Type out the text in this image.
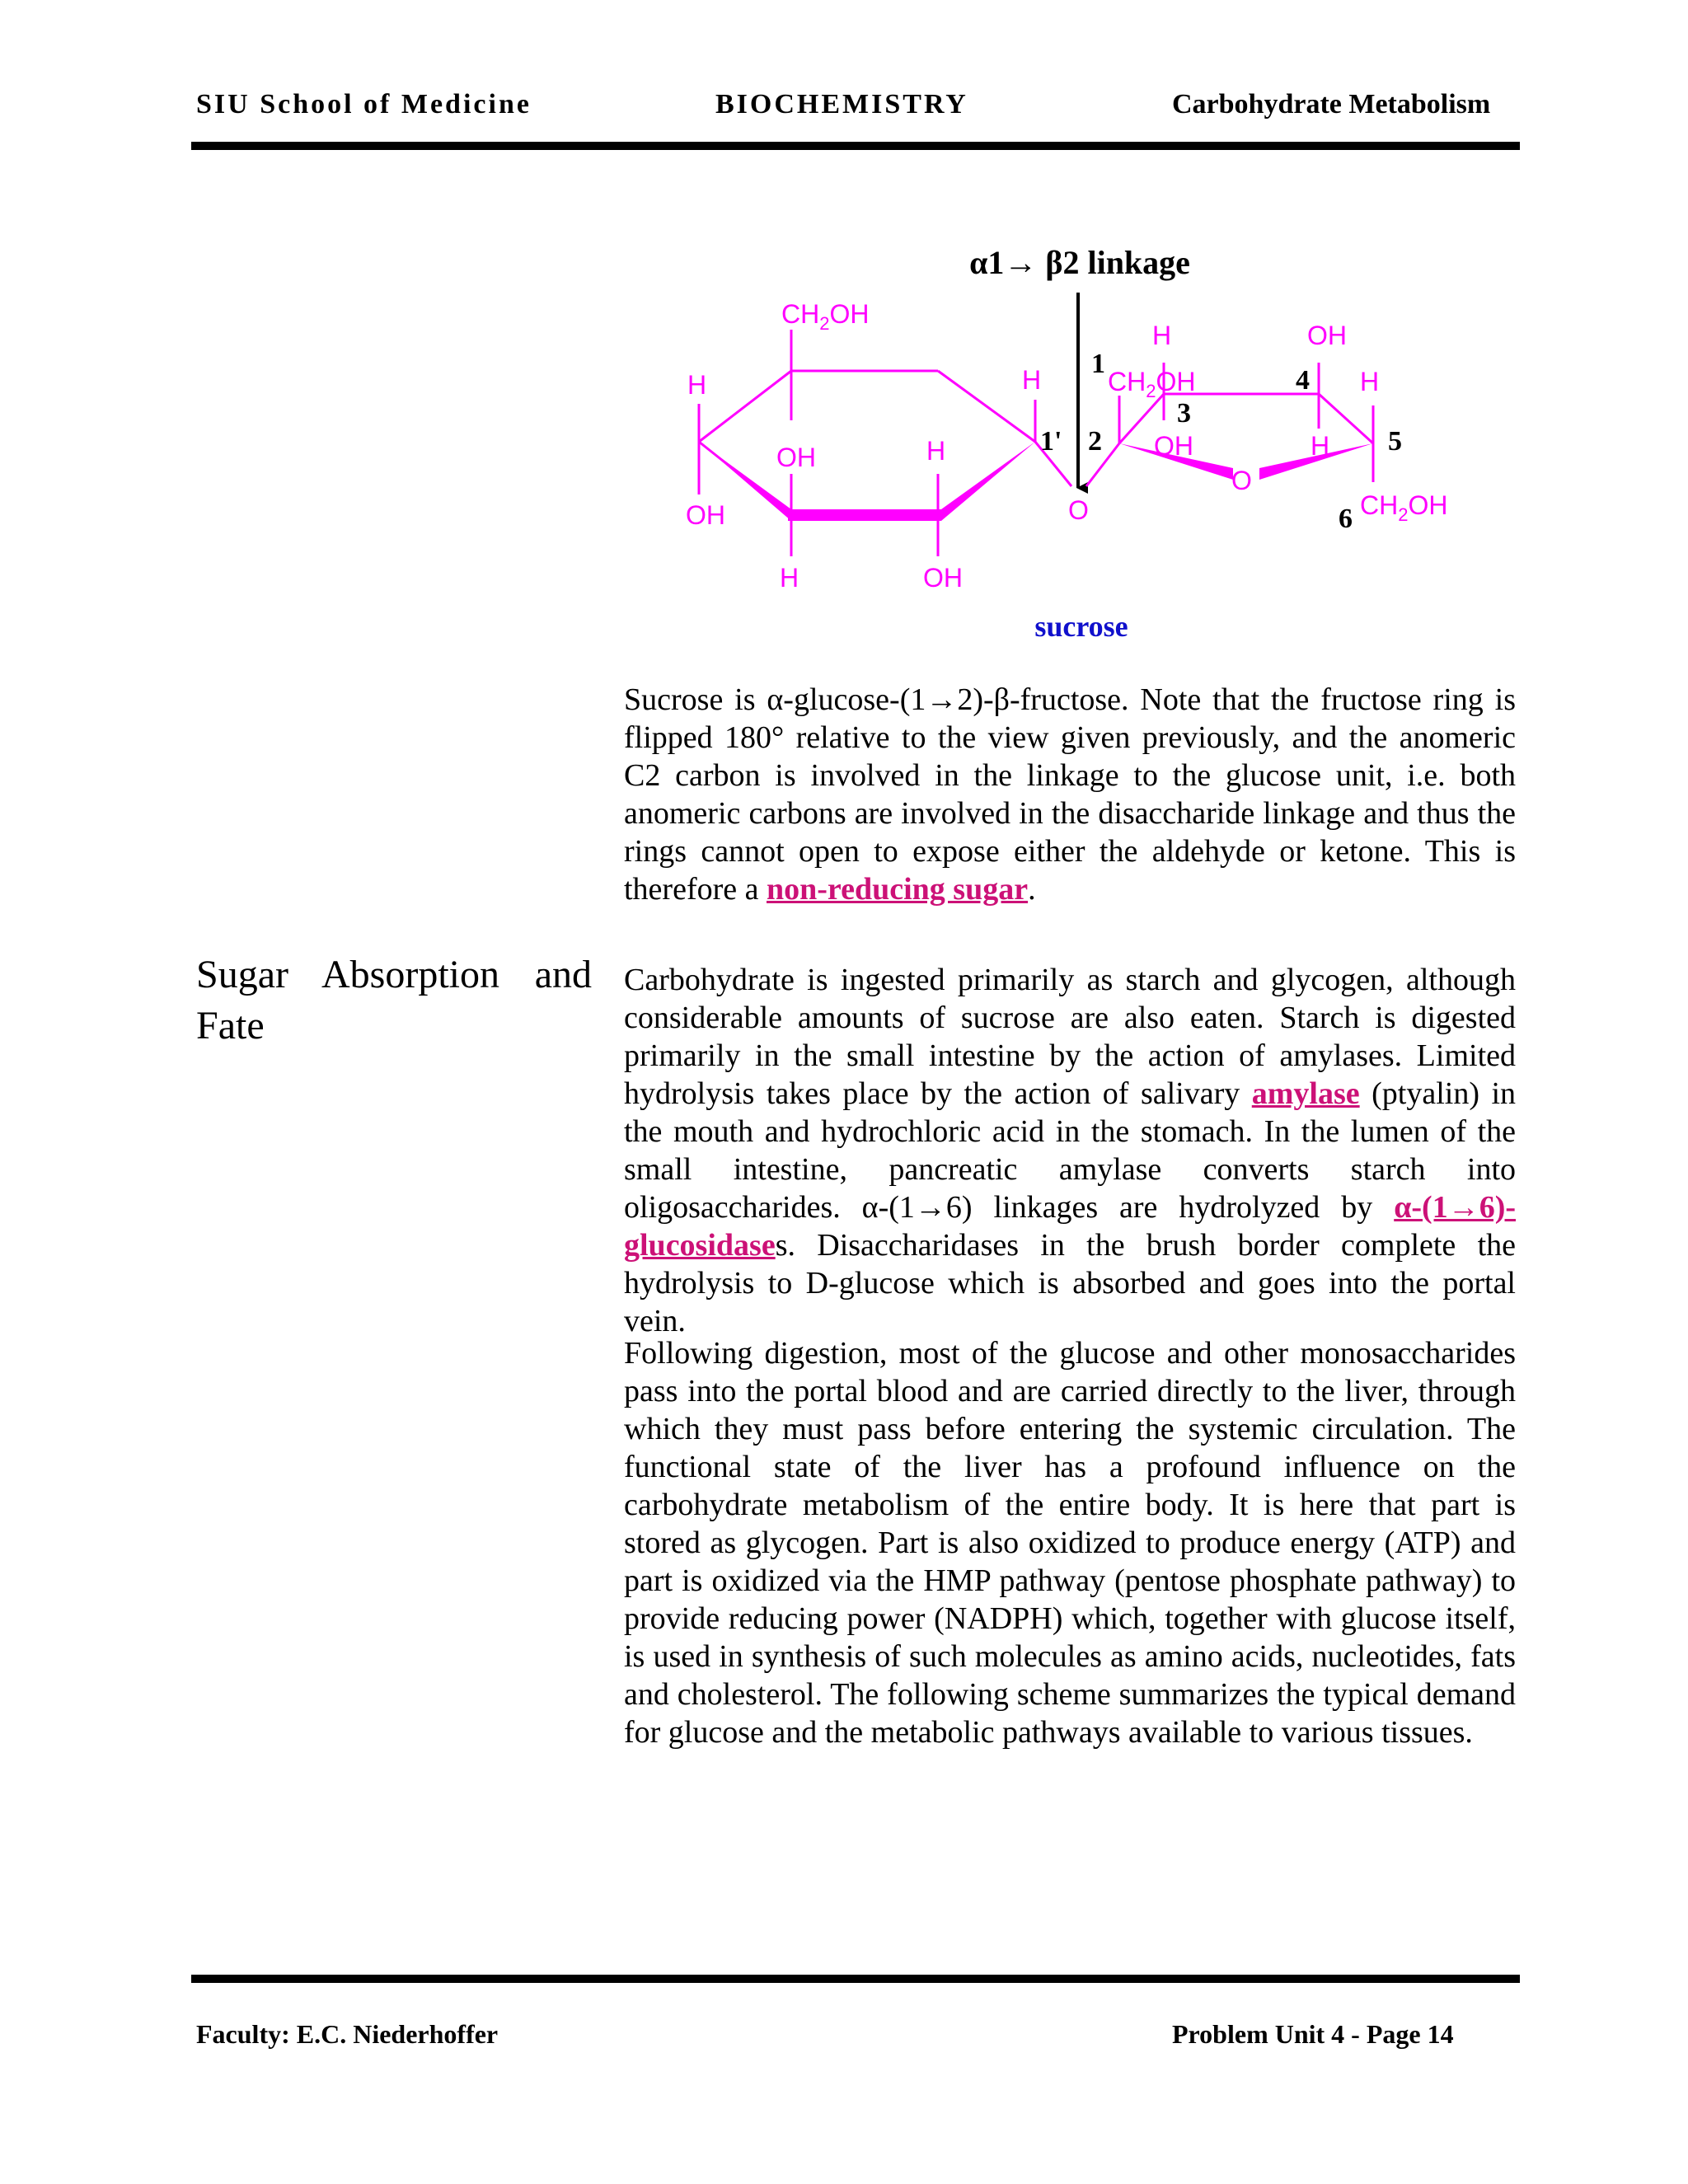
SIU School of Medicine	BIOCHEMISTRY	Carbohydrate Metabolism
α1→ β2 linkage
$CH_2OH$
H
OH
OH
H
H
OH
H
O
$CH_2OH$
H
OH
OH
H
H
O
$CH_2OH$
1
1' 2
3
4
5
6
sucrose

Sucrose is α-glucose-(1→2)-β-fructose. Note that the fructose ring is flipped 180° relative to the view given previously, and the anomeric C2 carbon is involved in the linkage to the glucose unit, i.e. both anomeric carbons are involved in the disaccharide linkage and thus the rings cannot open to expose either the aldehyde or ketone. This is therefore a non-reducing sugar.

Sugar Absorption and Fate

Carbohydrate is ingested primarily as starch and glycogen, although considerable amounts of sucrose are also eaten. Starch is digested primarily in the small intestine by the action of amylases. Limited hydrolysis takes place by the action of salivary amylase (ptyalin) in the mouth and hydrochloric acid in the stomach. In the lumen of the small intestine, pancreatic amylase converts starch into oligosaccharides. α-(1→6) linkages are hydrolyzed by α-(1→6)-glucosidases. Disaccharidases in the brush border complete the hydrolysis to D-glucose which is absorbed and goes into the portal vein.

Following digestion, most of the glucose and other monosaccharides pass into the portal blood and are carried directly to the liver, through which they must pass before entering the systemic circulation. The functional state of the liver has a profound influence on the carbohydrate metabolism of the entire body. It is here that part is stored as glycogen. Part is also oxidized to produce energy (ATP) and part is oxidized via the HMP pathway (pentose phosphate pathway) to provide reducing power (NADPH) which, together with glucose itself, is used in synthesis of such molecules as amino acids, nucleotides, fats and cholesterol. The following scheme summarizes the typical demand for glucose and the metabolic pathways available to various tissues.

Faculty: E.C. Niederhoffer	Problem Unit 4 - Page 14
